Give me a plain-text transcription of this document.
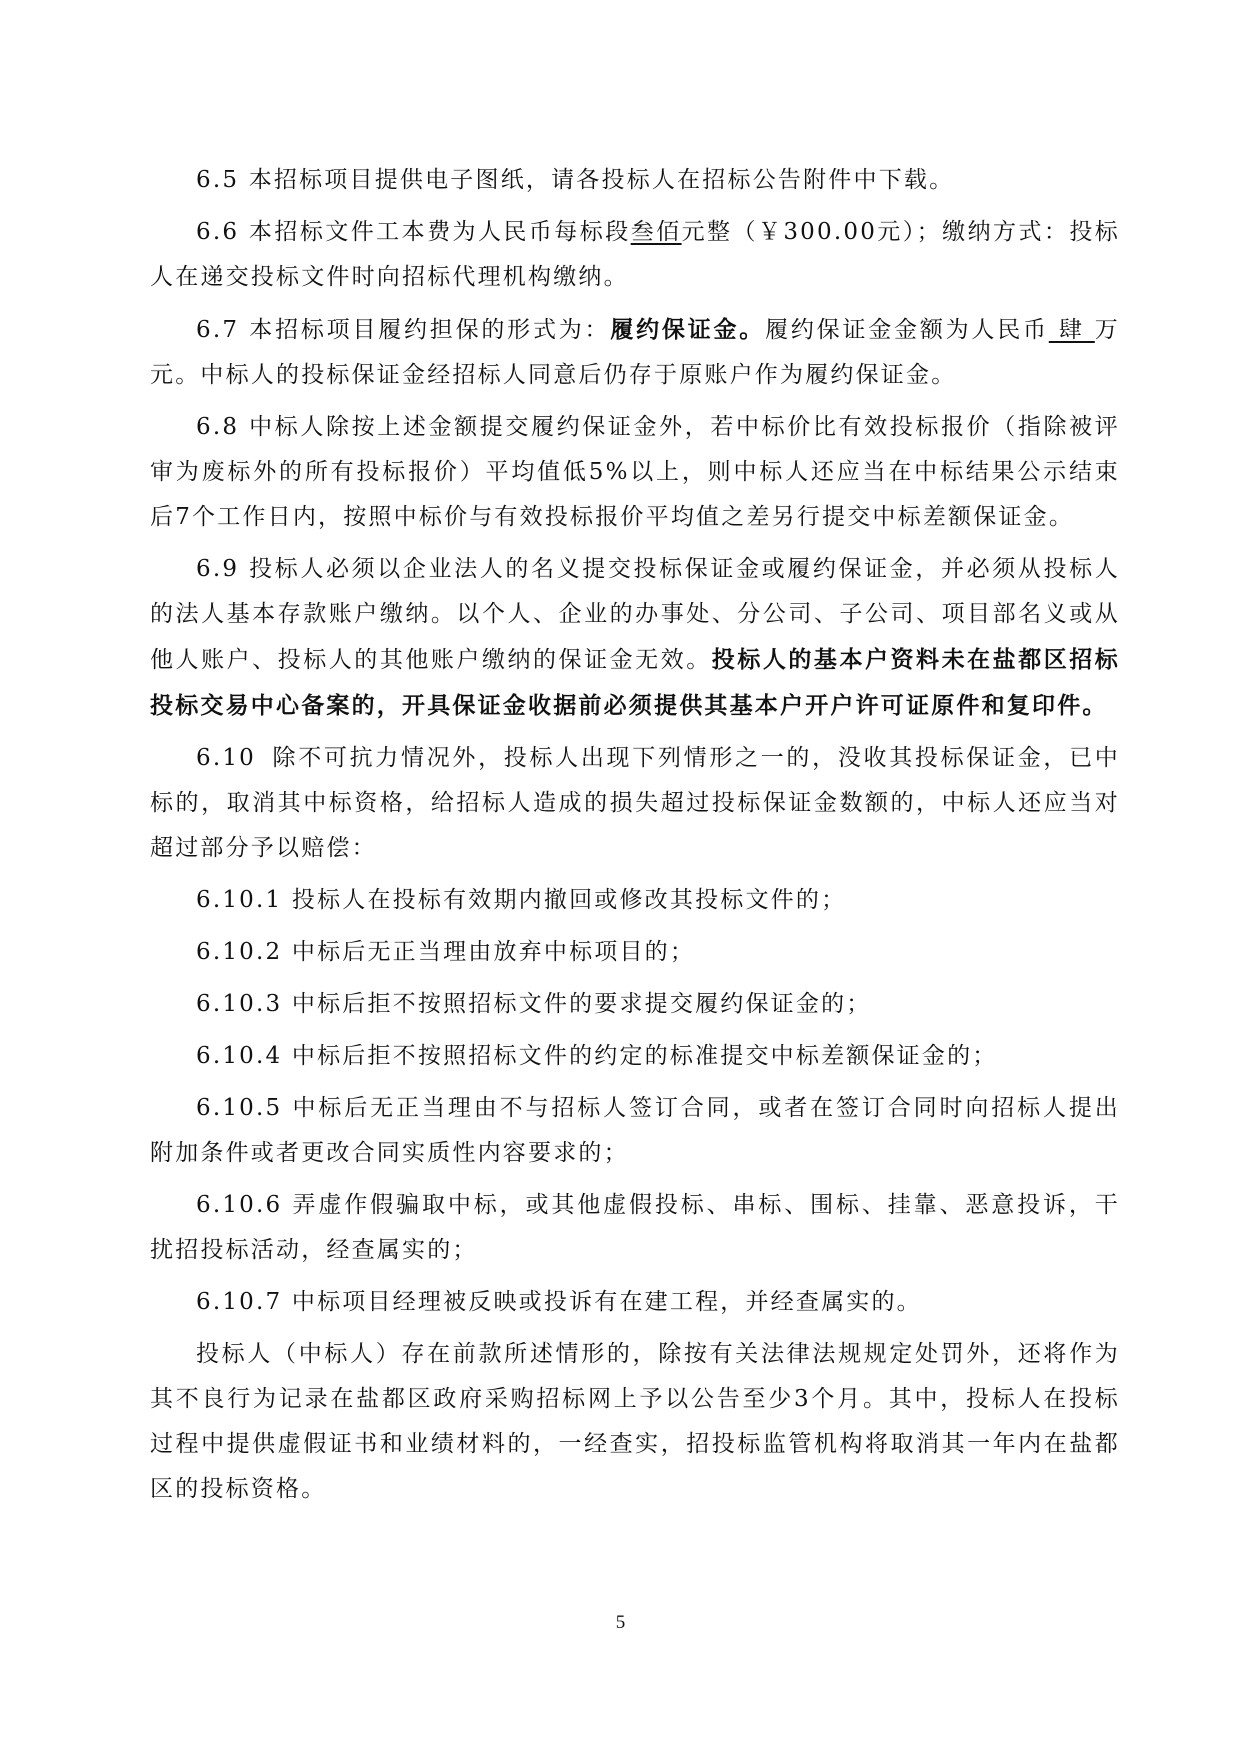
6.5 本招标项目提供电子图纸，请各投标人在招标公告附件中下载。

6.6 本招标文件工本费为人民币每标段叁佰元整（￥300.00元）；缴纳方式：投标人在递交投标文件时向招标代理机构缴纳。

6.7 本招标项目履约担保的形式为：履约保证金。履约保证金金额为人民币 肆 万元。中标人的投标保证金经招标人同意后仍存于原账户作为履约保证金。

6.8 中标人除按上述金额提交履约保证金外，若中标价比有效投标报价（指除被评审为废标外的所有投标报价）平均值低5%以上，则中标人还应当在中标结果公示结束后7个工作日内，按照中标价与有效投标报价平均值之差另行提交中标差额保证金。

6.9 投标人必须以企业法人的名义提交投标保证金或履约保证金，并必须从投标人的法人基本存款账户缴纳。以个人、企业的办事处、分公司、子公司、项目部名义或从他人账户、投标人的其他账户缴纳的保证金无效。投标人的基本户资料未在盐都区招标投标交易中心备案的，开具保证金收据前必须提供其基本户开户许可证原件和复印件。

6.10 除不可抗力情况外，投标人出现下列情形之一的，没收其投标保证金，已中标的，取消其中标资格，给招标人造成的损失超过投标保证金数额的，中标人还应当对超过部分予以赔偿：

6.10.1 投标人在投标有效期内撤回或修改其投标文件的；

6.10.2 中标后无正当理由放弃中标项目的；

6.10.3 中标后拒不按照招标文件的要求提交履约保证金的；

6.10.4 中标后拒不按照招标文件的约定的标准提交中标差额保证金的；

6.10.5 中标后无正当理由不与招标人签订合同，或者在签订合同时向招标人提出附加条件或者更改合同实质性内容要求的；

6.10.6 弄虚作假骗取中标，或其他虚假投标、串标、围标、挂靠、恶意投诉，干扰招投标活动，经查属实的；

6.10.7 中标项目经理被反映或投诉有在建工程，并经查属实的。

投标人（中标人）存在前款所述情形的，除按有关法律法规规定处罚外，还将作为其不良行为记录在盐都区政府采购招标网上予以公告至少3个月。其中，投标人在投标过程中提供虚假证书和业绩材料的，一经查实，招投标监管机构将取消其一年内在盐都区的投标资格。

5
